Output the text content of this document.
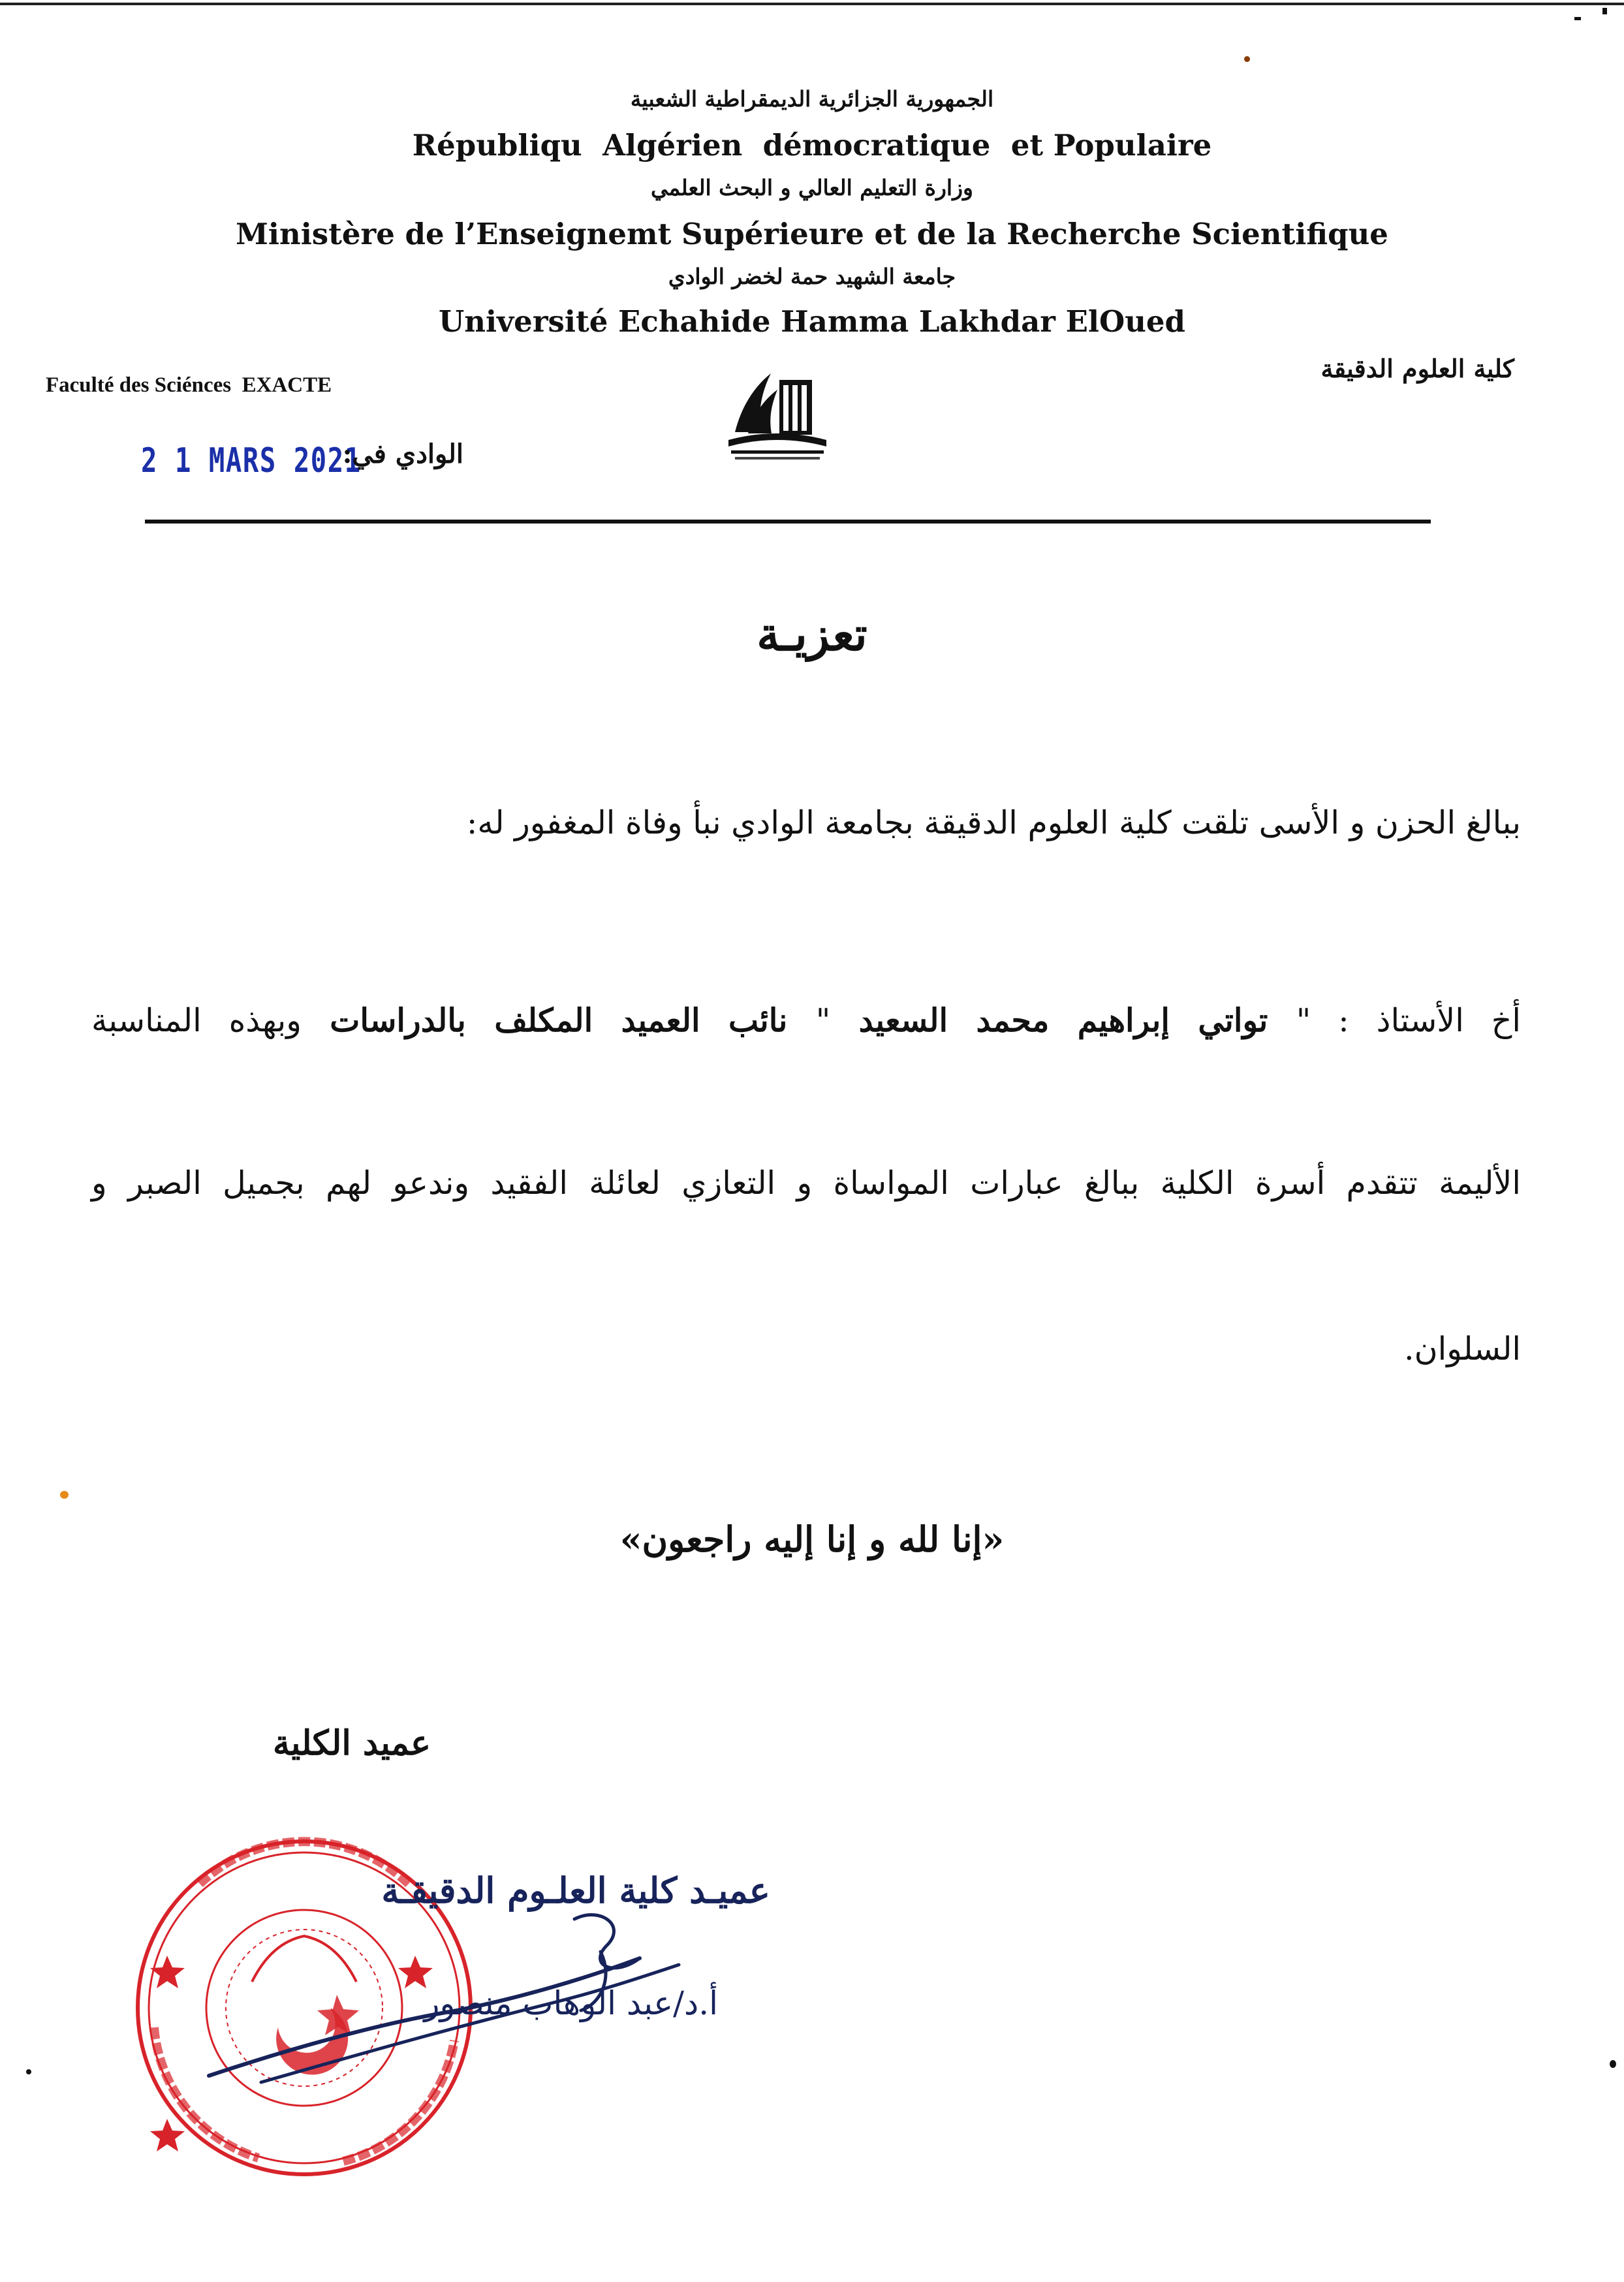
الجمهورية الجزائرية الديمقراطية الشعبية
Républiqu  Algérien  démocratique  et Populaire
وزارة التعليم العالي و البحث العلمي
Ministère de l’Enseignemt Supérieure et de la Recherche Scientifique
جامعة الشهيد حمة لخضر الوادي
Université Echahide Hamma Lakhdar ElOued
Faculté des Sciénces  EXACTE
كلية العلوم الدقيقة
2 1 MARS 2021
الوادي في:
تعزيـة
ببالغ الحزن و الأسى تلقت كلية العلوم الدقيقة بجامعة الوادي نبأ وفاة المغفور له:
أخ الأستاذ : " تواتي إبراهيم محمد السعيد " نائب العميد المكلف بالدراسات وبهذه المناسبة
الأليمة تتقدم أسرة الكلية ببالغ عبارات المواساة و التعازي لعائلة الفقيد وندعو لهم بجميل الصبر و
السلوان.
«إنا لله و إنا إليه راجعون»
عميد الكلية
عميـد كلية العلـوم الدقيقـة
أ.د/عبد الوهاب منصور
